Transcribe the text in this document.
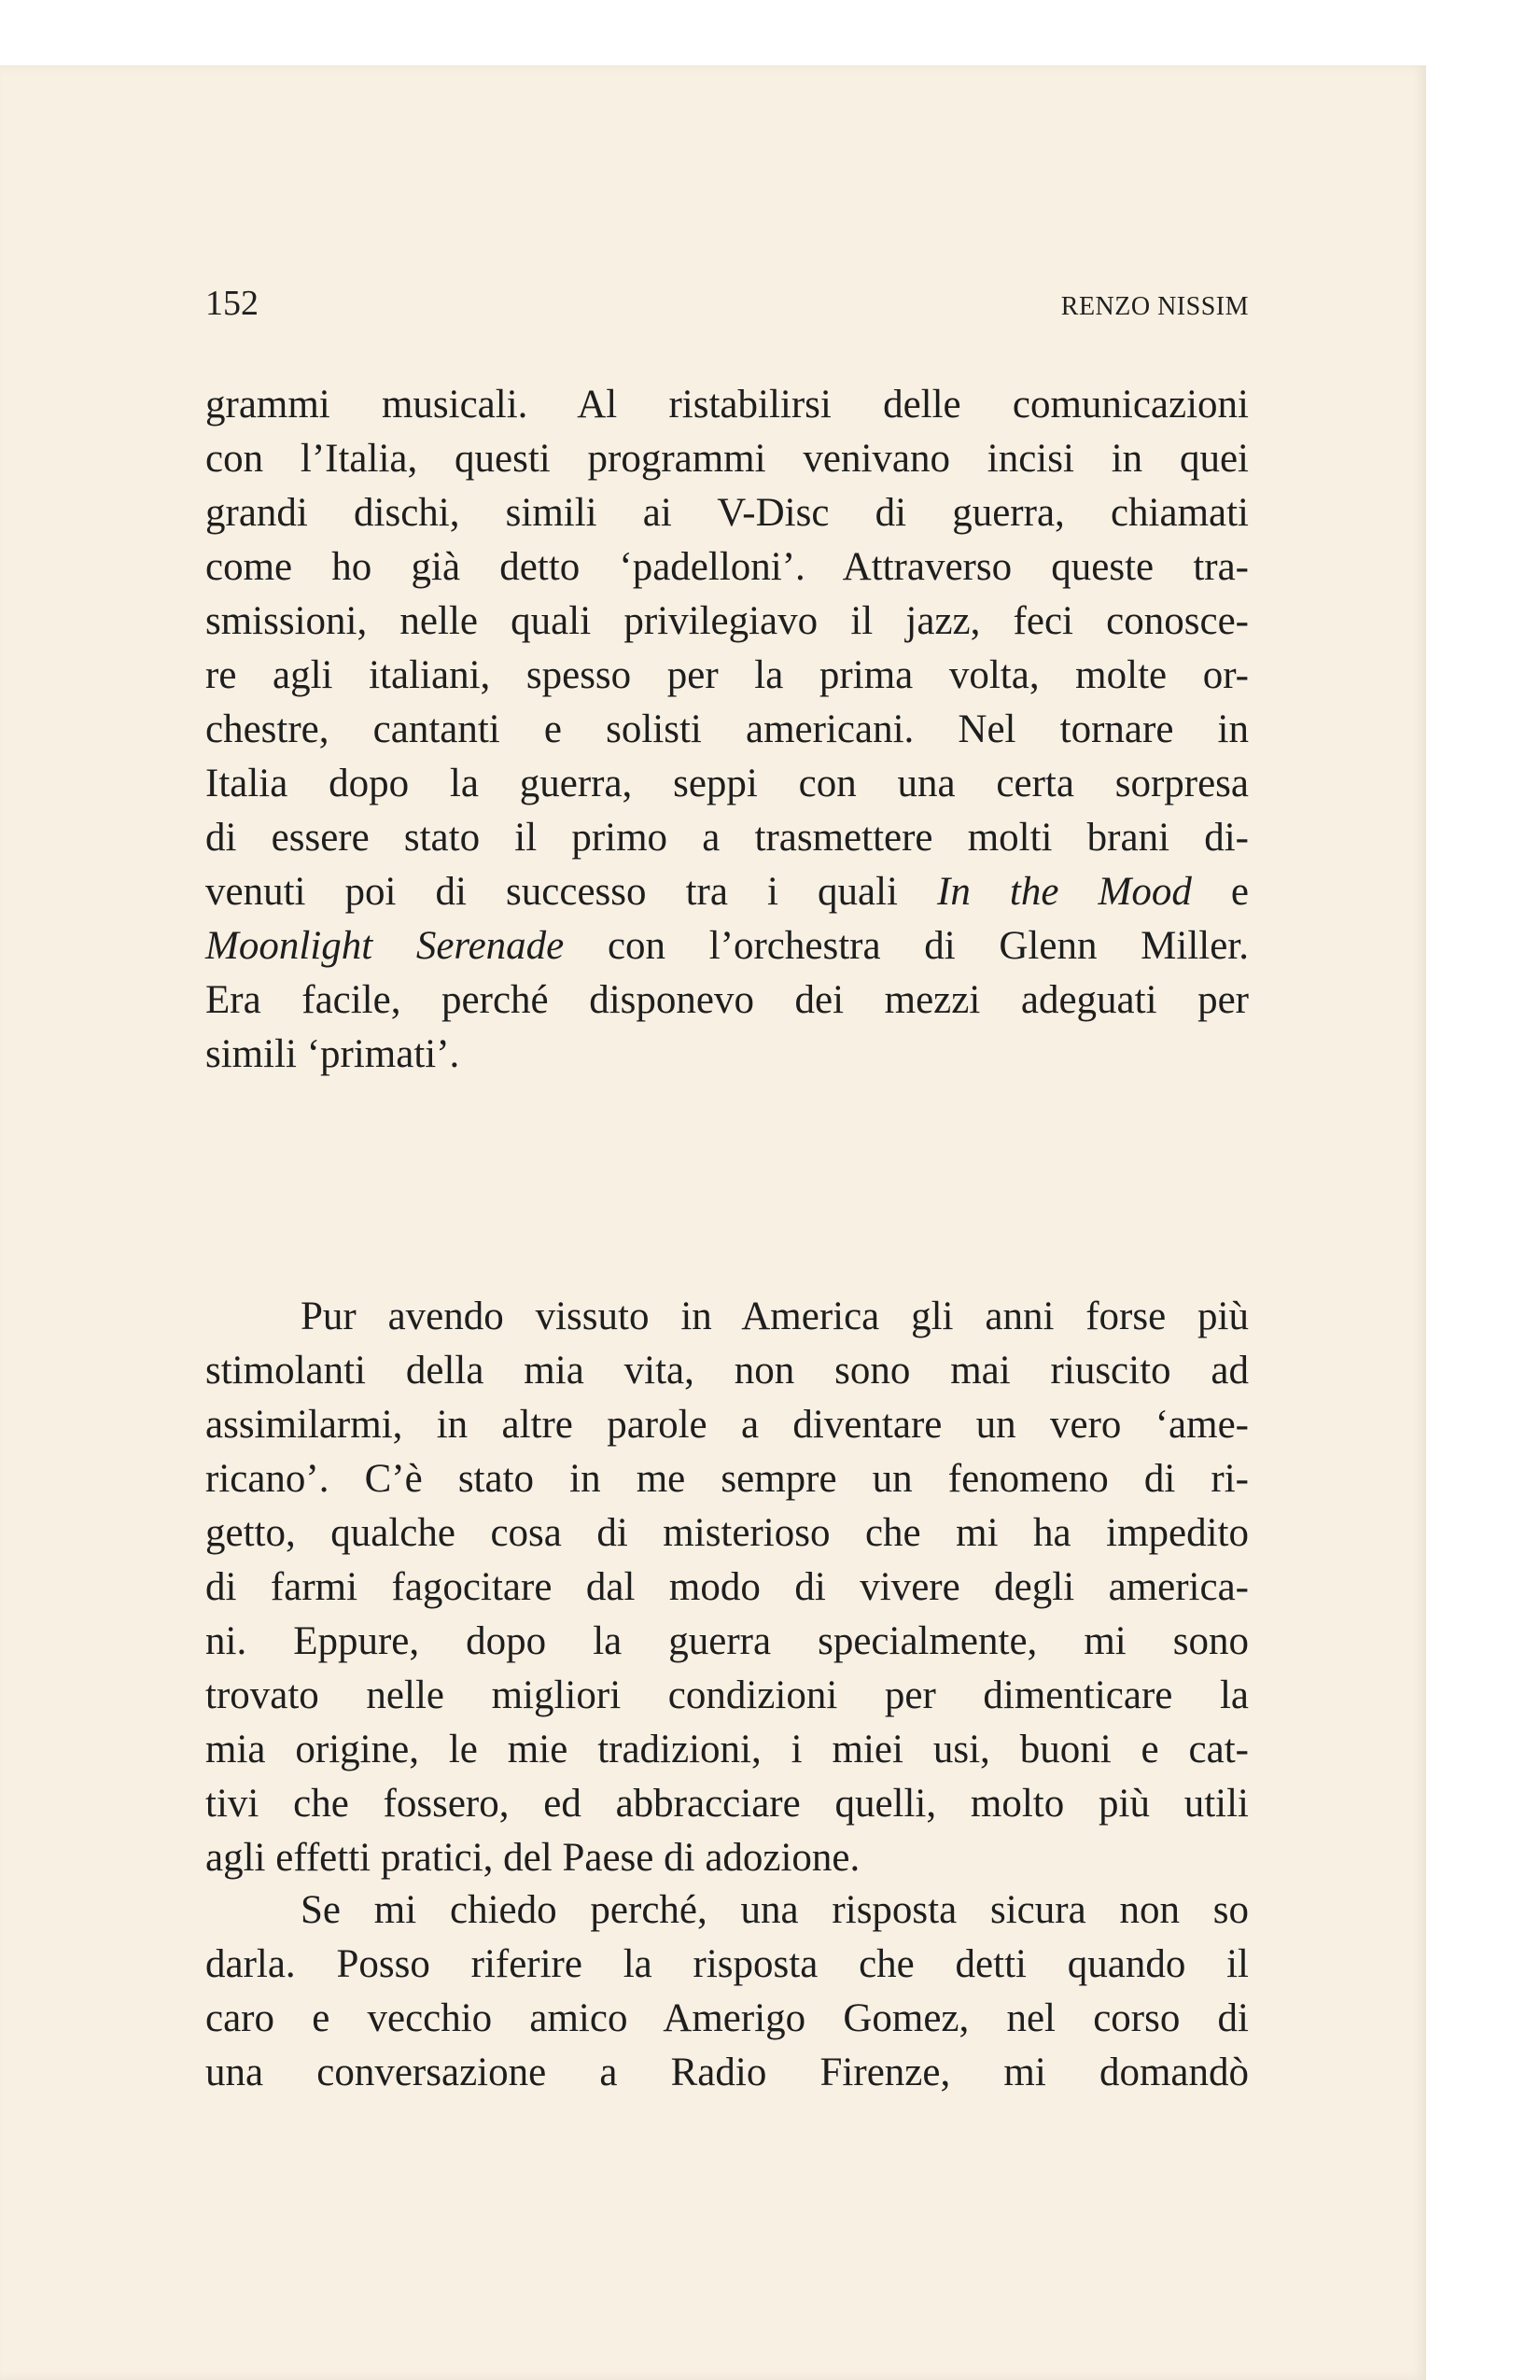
152	RENZO NISSIM
grammi musicali. Al ristabilirsi delle comunicazioni
con l’Italia, questi programmi venivano incisi in quei
grandi dischi, simili ai V-Disc di guerra, chiamati
come ho già detto ‘padelloni’. Attraverso queste tra-
smissioni, nelle quali privilegiavo il jazz, feci conosce-
re agli italiani, spesso per la prima volta, molte or-
chestre, cantanti e solisti americani. Nel tornare in
Italia dopo la guerra, seppi con una certa sorpresa
di essere stato il primo a trasmettere molti brani di-
venuti poi di successo tra i quali In the Mood e
Moonlight Serenade con l’orchestra di Glenn Miller.
Era facile, perché disponevo dei mezzi adeguati per
simili ‘primati’.
Pur avendo vissuto in America gli anni forse più
stimolanti della mia vita, non sono mai riuscito ad
assimilarmi, in altre parole a diventare un vero ‘ame-
ricano’. C’è stato in me sempre un fenomeno di ri-
getto, qualche cosa di misterioso che mi ha impedito
di farmi fagocitare dal modo di vivere degli america-
ni. Eppure, dopo la guerra specialmente, mi sono
trovato nelle migliori condizioni per dimenticare la
mia origine, le mie tradizioni, i miei usi, buoni e cat-
tivi che fossero, ed abbracciare quelli, molto più utili
agli effetti pratici, del Paese di adozione.
Se mi chiedo perché, una risposta sicura non so
darla. Posso riferire la risposta che detti quando il
caro e vecchio amico Amerigo Gomez, nel corso di
una conversazione a Radio Firenze, mi domandò
